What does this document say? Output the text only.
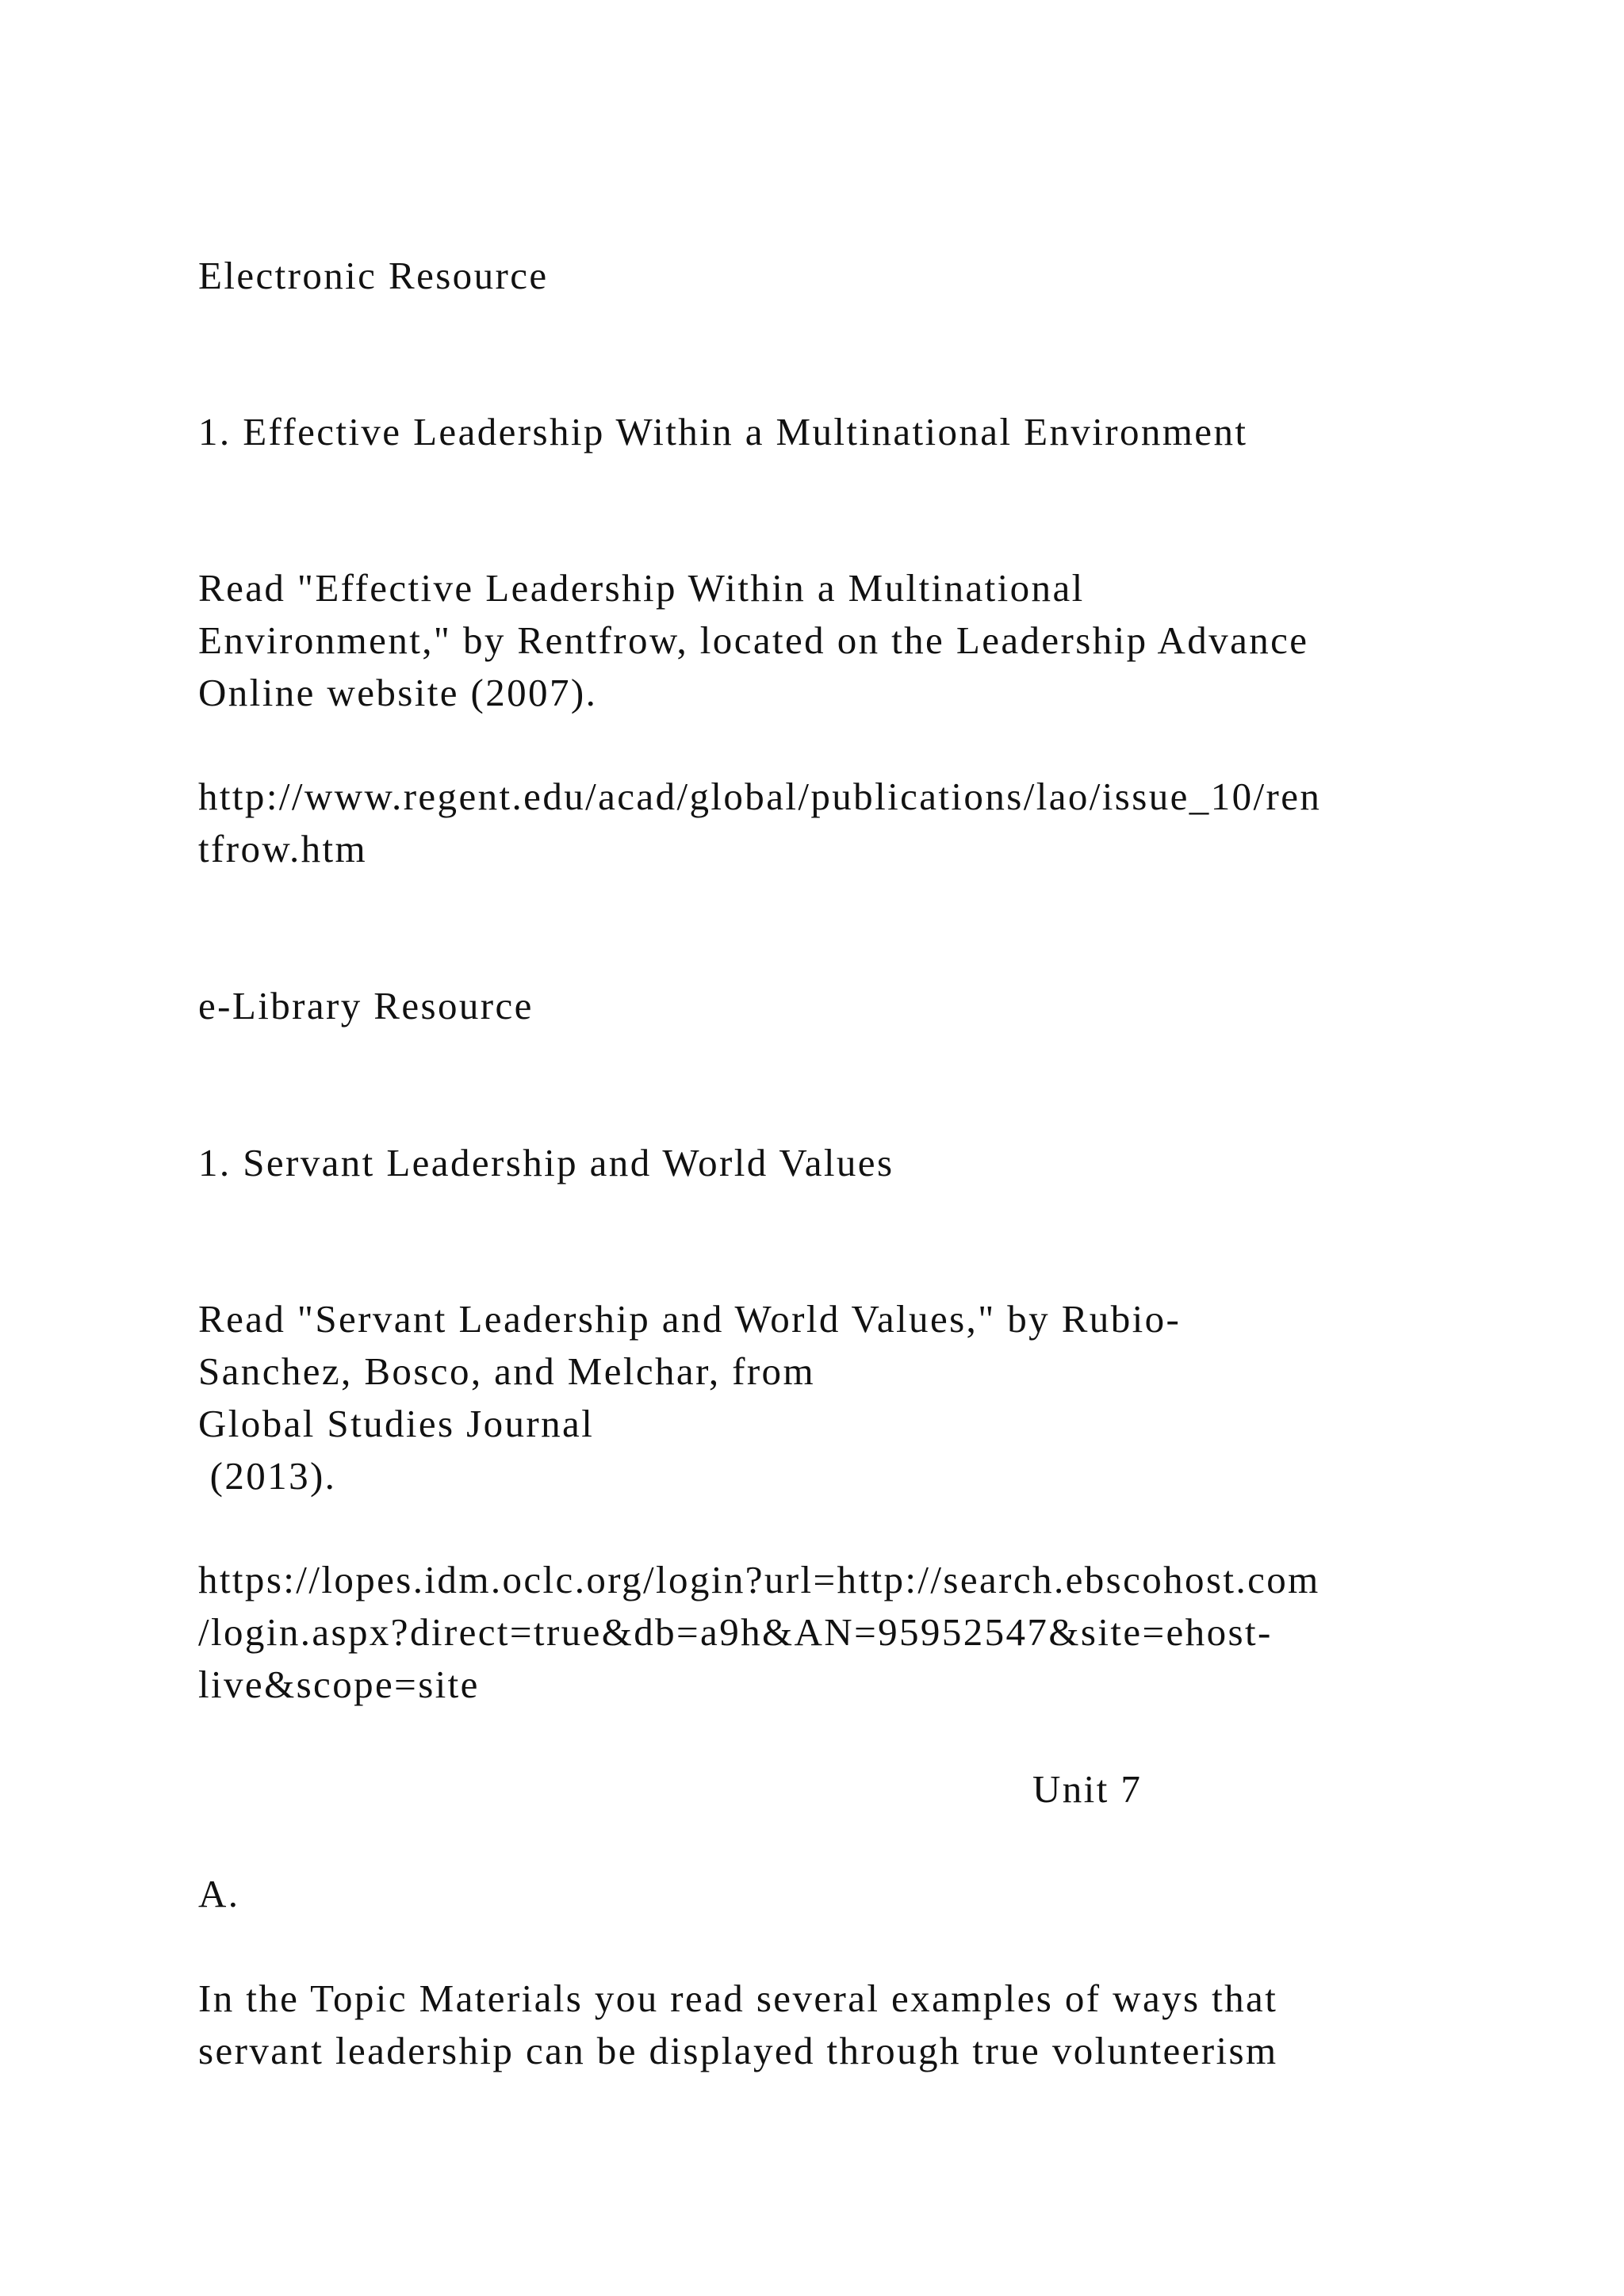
Electronic Resource

1. Effective Leadership Within a Multinational Environment

Read "Effective Leadership Within a Multinational

Environment," by Rentfrow, located on the Leadership Advance

Online website (2007).

http://www.regent.edu/acad/global/publications/lao/issue_10/ren

tfrow.htm

e-Library Resource

1. Servant Leadership and World Values

Read "Servant Leadership and World Values," by Rubio-

Sanchez, Bosco, and Melchar, from

Global Studies Journal

(2013).

https://lopes.idm.oclc.org/login?url=http://search.ebscohost.com

/login.aspx?direct=true&db=a9h&AN=95952547&site=ehost-

live&scope=site

Unit 7

A.

In the Topic Materials you read several examples of ways that

servant leadership can be displayed through true volunteerism
